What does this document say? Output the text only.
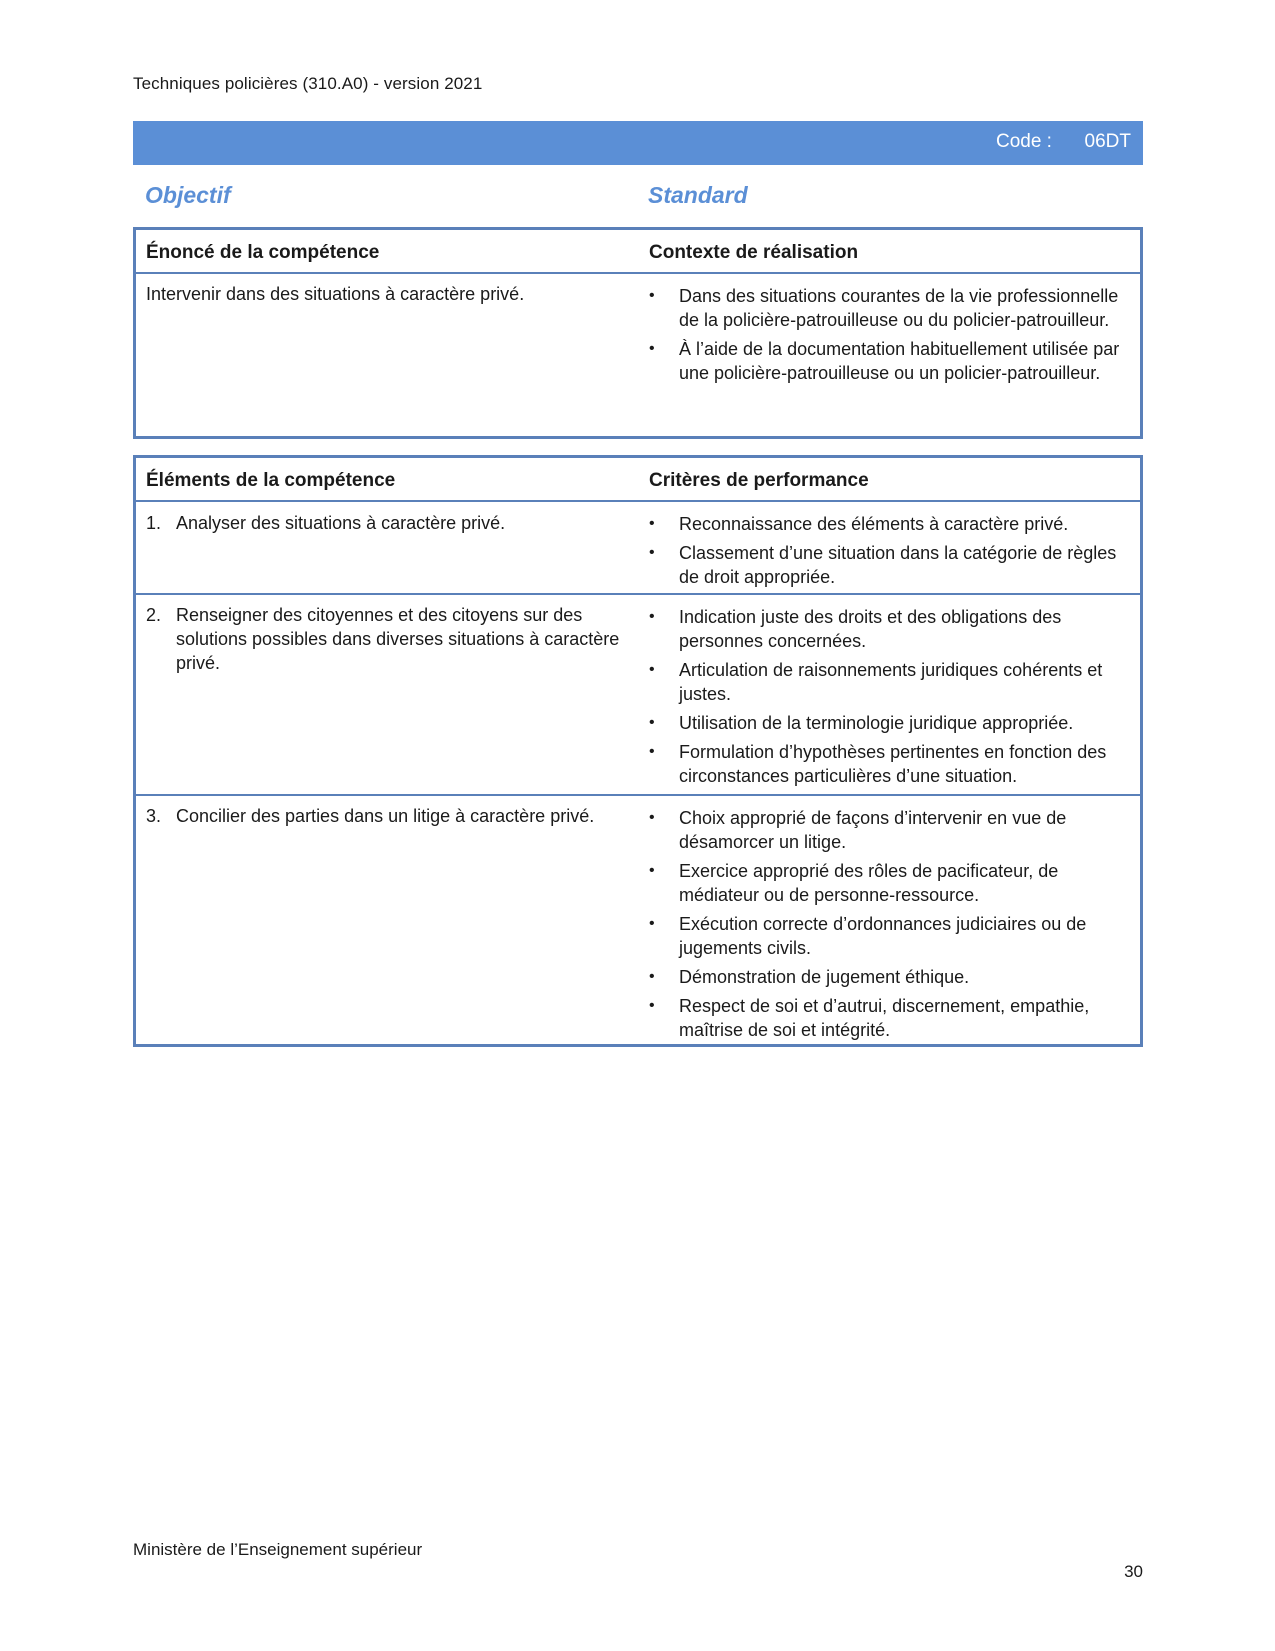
Techniques policières (310.A0) - version 2021
Code : 06DT
Objectif	Standard
Énoncé de la compétence	Contexte de réalisation
Intervenir dans des situations à caractère privé.	•	Dans des situations courantes de la vie professionnelle de la policière-patrouilleuse ou du policier-patrouilleur.
•	À l’aide de la documentation habituellement utilisée par une policière-patrouilleuse ou un policier-patrouilleur.
Éléments de la compétence	Critères de performance
1. Analyser des situations à caractère privé.	•	Reconnaissance des éléments à caractère privé.
•	Classement d’une situation dans la catégorie de règles de droit appropriée.
2. Renseigner des citoyennes et des citoyens sur des solutions possibles dans diverses situations à caractère privé.
•	Indication juste des droits et des obligations des personnes concernées.
•	Articulation de raisonnements juridiques cohérents et justes.
•	Utilisation de la terminologie juridique appropriée.
•	Formulation d’hypothèses pertinentes en fonction des circonstances particulières d’une situation.
3. Concilier des parties dans un litige à caractère privé.	•	Choix approprié de façons d’intervenir en vue de désamorcer un litige.
•	Exercice approprié des rôles de pacificateur, de médiateur ou de personne-ressource.
•	Exécution correcte d’ordonnances judiciaires ou de jugements civils.
•	Démonstration de jugement éthique.
•	Respect de soi et d’autrui, discernement, empathie, maîtrise de soi et intégrité.
Ministère de l’Enseignement supérieur
30
